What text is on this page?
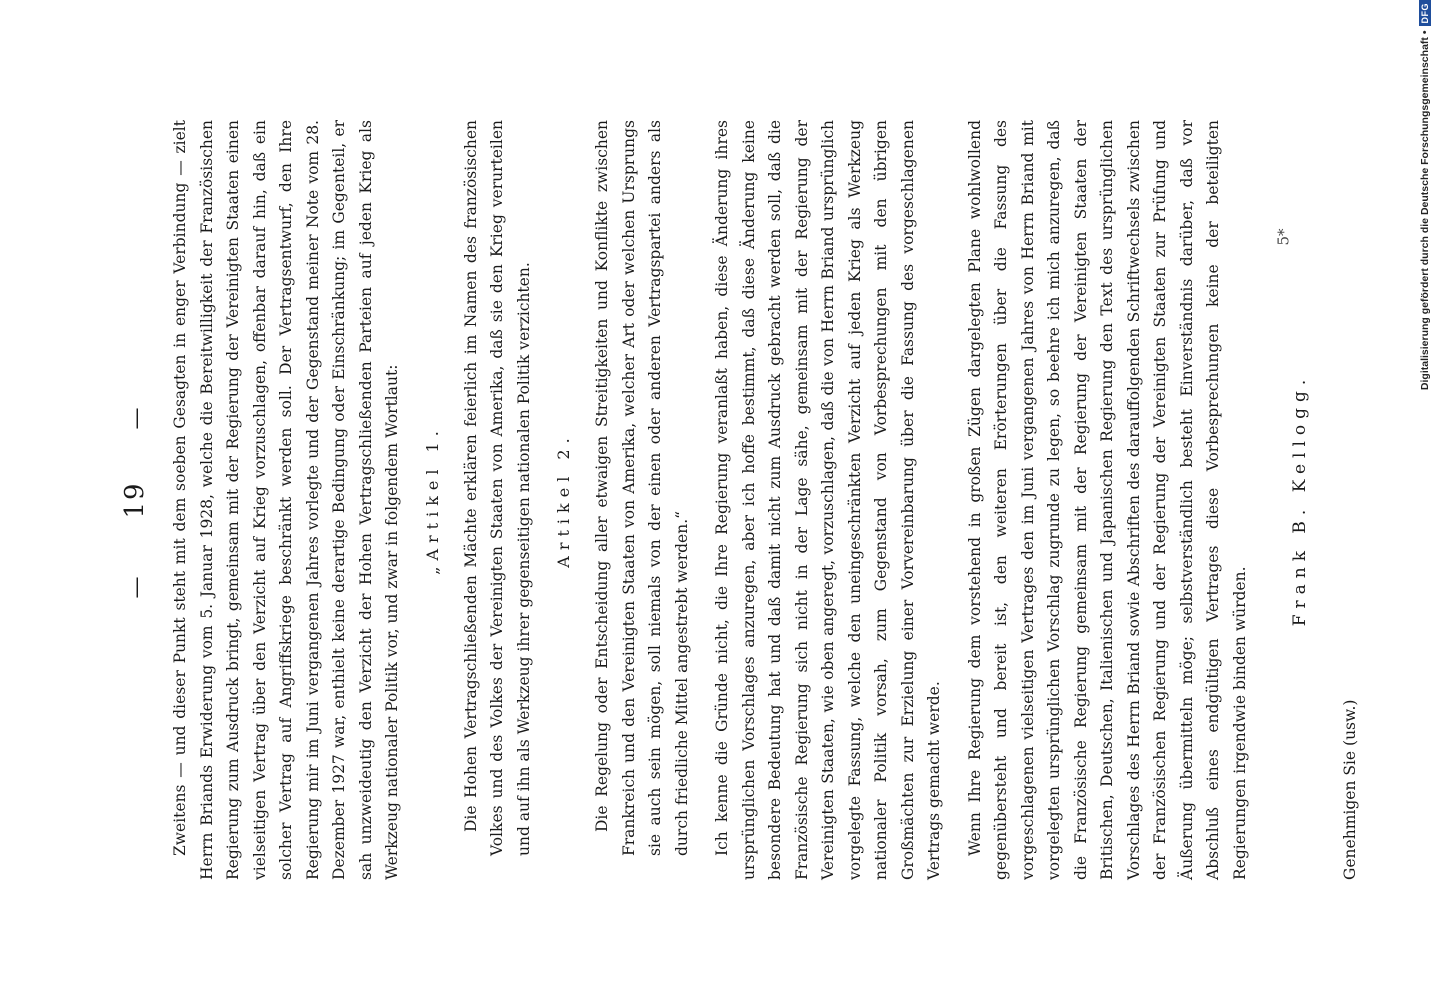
—    19    —	Zweitens — und dieser Punkt steht mit dem soeben Gesagten in enger Verbindung — zielt Herrn Briands Erwiderung vom 5. Januar 1928, welche die Bereitwilligkeit der Französischen Regierung zum Ausdruck bringt, gemeinsam mit der Regierung der Vereinigten Staaten einen vielseitigen Vertrag über den Verzicht auf Krieg vorzuschlagen, offenbar darauf hin, daß ein solcher Vertrag auf Angriffskriege beschränkt werden soll. Der Vertragsentwurf, den Ihre Regierung mir im Juni vergangenen Jahres vorlegte und der Gegenstand meiner Note vom 28. Dezember 1927 war, enthielt keine derartige Bedingung oder Einschränkung; im Gegenteil, er sah unzweideutig den Verzicht der Hohen Vertragschließenden Parteien auf jeden Krieg als Werkzeug nationaler Politik vor, und zwar in folgendem Wortlaut: „Artikel 1. Die Hohen Vertragschließenden Mächte erklären feierlich im Namen des französischen Volkes und des Volkes der Vereinigten Staaten von Amerika, daß sie den Krieg verurteilen und auf ihn als Werkzeug ihrer gegenseitigen nationalen Politik verzichten. Artikel 2. Die Regelung oder Entscheidung aller etwaigen Streitigkeiten und Konflikte zwischen Frankreich und den Vereinigten Staaten von Amerika, welcher Art oder welchen Ursprungs sie auch sein mögen, soll niemals von der einen oder anderen Vertragspartei anders als durch friedliche Mittel angestrebt werden.“ Ich kenne die Gründe nicht, die Ihre Regierung veranlaßt haben, diese Änderung ihres ursprünglichen Vorschlages anzuregen, aber ich hoffe bestimmt, daß diese Änderung keine besondere Bedeutung hat und daß damit nicht zum Ausdruck gebracht werden soll, daß die Französische Regierung sich nicht in der Lage sähe, gemeinsam mit der Regierung der Vereinigten Staaten, wie oben angeregt, vorzuschlagen, daß die von Herrn Briand ursprünglich vorgelegte Fassung, welche den uneingeschränkten Verzicht auf jeden Krieg als Werkzeug nationaler Politik vorsah, zum Gegenstand von Vorbesprechungen mit den übrigen Großmächten zur Erzielung einer Vorvereinbarung über die Fassung des vorgeschlagenen Vertrags gemacht werde. Wenn Ihre Regierung dem vorstehend in großen Zügen dargelegten Plane wohlwollend gegenübersteht und bereit ist, den weiteren Erörterungen über die Fassung des vorgeschlagenen vielseitigen Vertrages den im Juni vergangenen Jahres von Herrn Briand mit vorgelegten ursprünglichen Vorschlag zugrunde zu legen, so beehre ich mich anzuregen, daß die Französische Regierung gemeinsam mit der Regierung der Vereinigten Staaten der Britischen, Deutschen, Italienischen und Japanischen Regierung den Text des ursprünglichen Vorschlages des Herrn Briand sowie Abschriften des darauffolgenden Schriftwechsels zwischen der Französischen Regierung und der Regierung der Vereinigten Staaten zur Prüfung und Äußerung übermitteln möge; selbstverständlich besteht Einverständnis darüber, daß vor Abschluß eines endgültigen Vertrages diese Vorbesprechungen keine der beteiligten Regierungen irgendwie binden würden.

Frank B. Kellogg.

Genehmigen Sie (usw.)

5*	Digitalisierung gefördert durch die Deutsche Forschungsgemeinschaft •
DFG
